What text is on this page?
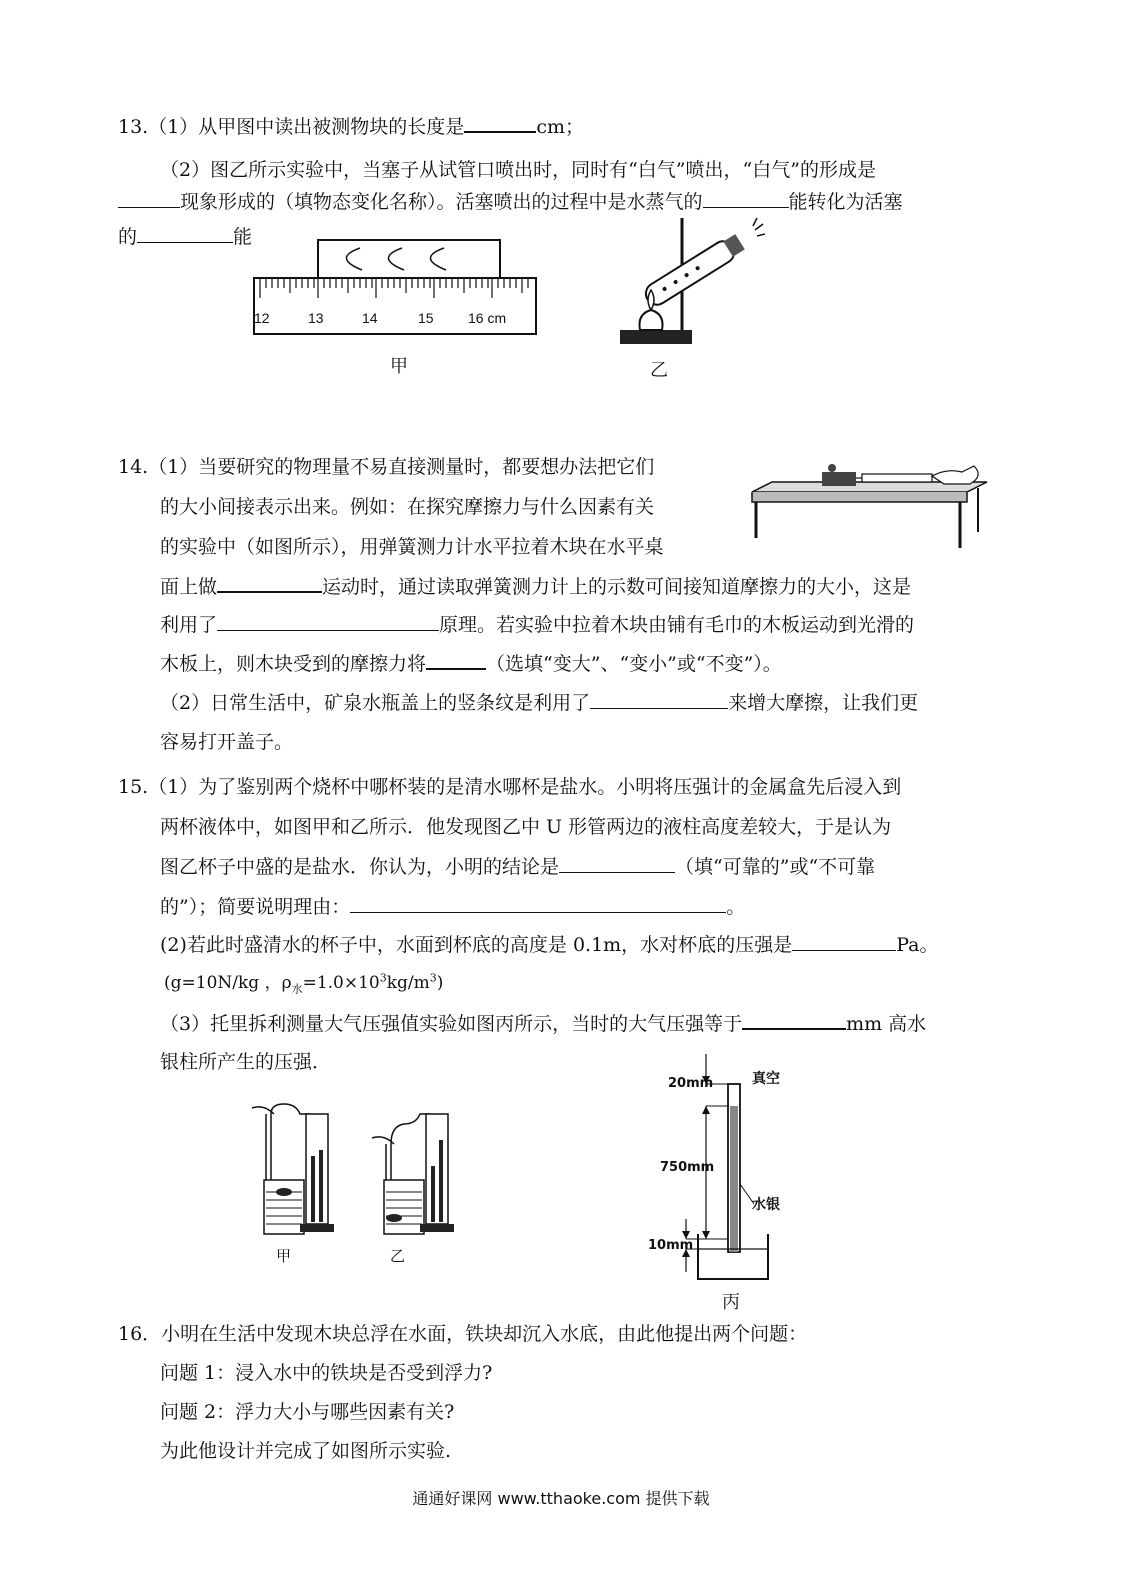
13.（1）从甲图中读出被测物块的长度是	cm；
（2）图乙所示实验中，当塞子从试管口喷出时，同时有“白气”喷出，“白气”的形成是
现象形成的（填物态变化名称）。活塞喷出的过程中是水蒸气的	能转化为活塞
的	能
12	13	14	15 16 cm
甲	乙
14.（1）当要研究的物理量不易直接测量时，都要想办法把它们
的大小间接表示出来。例如：在探究摩擦力与什么因素有关
的实验中（如图所示），用弹簧测力计水平拉着木块在水平桌
面上做	运动时，通过读取弹簧测力计上的示数可间接知道摩擦力的大小，这是
利用了	原理。若实验中拉着木块由铺有毛巾的木板运动到光滑的
木板上，则木块受到的摩擦力将	（选填“变大”、“变小”或“不变”）。
（2）日常生活中，矿泉水瓶盖上的竖条纹是利用了	来增大摩擦，让我们更
容易打开盖子。
15.（1）为了鉴别两个烧杯中哪杯装的是清水哪杯是盐水。小明将压强计的金属盒先后浸入到
两杯液体中，如图甲和乙所示．他发现图乙中 U 形管两边的液柱高度差较大，于是认为
图乙杯子中盛的是盐水．你认为，小明的结论是	（填“可靠的”或“不可靠
的”）；简要说明理由：	。
(2)若此时盛清水的杯子中，水面到杯底的高度是 0.1m，水对杯底的压强是	Pa。
(g=10N/kg ，$\rho_水=1.0\times 10^3kg/m^3$)
（3）托里拆利测量大气压强值实验如图丙所示，当时的大气压强等于	mm 高水
银柱所产生的压强．
甲	乙
20mm	真空
750mm
水银
10mm
丙
16．小明在生活中发现木块总浮在水面，铁块却沉入水底，由此他提出两个问题：
问题 1：浸入水中的铁块是否受到浮力?
问题 2：浮力大小与哪些因素有关?
为此他设计并完成了如图所示实验.
通通好课网 www.tthaoke.com 提供下载
